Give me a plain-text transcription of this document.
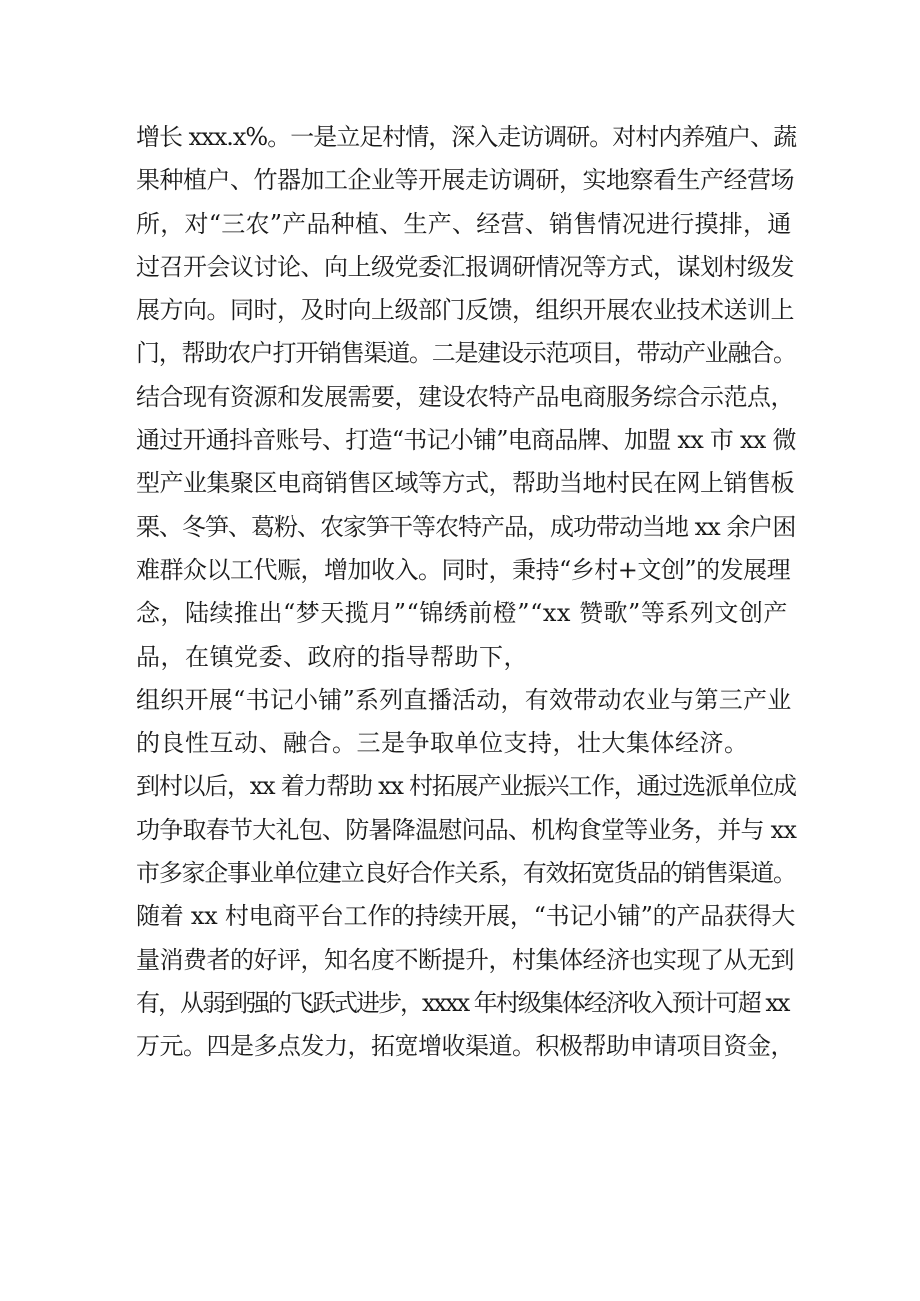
增长 xxx.x%。一是立足村情，深入走访调研。对村内养殖户、蔬
果种植户、竹器加工企业等开展走访调研，实地察看生产经营场
所，对“三农”产品种植、生产、经营、销售情况进行摸排，通
过召开会议讨论、向上级党委汇报调研情况等方式，谋划村级发
展方向。同时，及时向上级部门反馈，组织开展农业技术送训上
门，帮助农户打开销售渠道。二是建设示范项目，带动产业融合。
结合现有资源和发展需要，建设农特产品电商服务综合示范点，
通过开通抖音账号、打造“书记小铺”电商品牌、加盟 xx 市 xx 微
型产业集聚区电商销售区域等方式，帮助当地村民在网上销售板
栗、冬笋、葛粉、农家笋干等农特产品，成功带动当地 xx 余户困
难群众以工代赈，增加收入。同时，秉持“乡村+文创”的发展理
念，陆续推出“梦天揽月”“锦绣前橙”“xx 赞歌”等系列文创产
品，在镇党委、政府的指导帮助下，
组织开展“书记小铺”系列直播活动，有效带动农业与第三产业
的良性互动、融合。三是争取单位支持，壮大集体经济。
到村以后，xx 着力帮助 xx 村拓展产业振兴工作，通过选派单位成
功争取春节大礼包、防暑降温慰问品、机构食堂等业务，并与 xx
市多家企事业单位建立良好合作关系，有效拓宽货品的销售渠道。
随着 xx 村电商平台工作的持续开展，“书记小铺”的产品获得大
量消费者的好评，知名度不断提升，村集体经济也实现了从无到
有，从弱到强的飞跃式进步，xxxx 年村级集体经济收入预计可超 xx
万元。四是多点发力，拓宽增收渠道。积极帮助申请项目资金，
